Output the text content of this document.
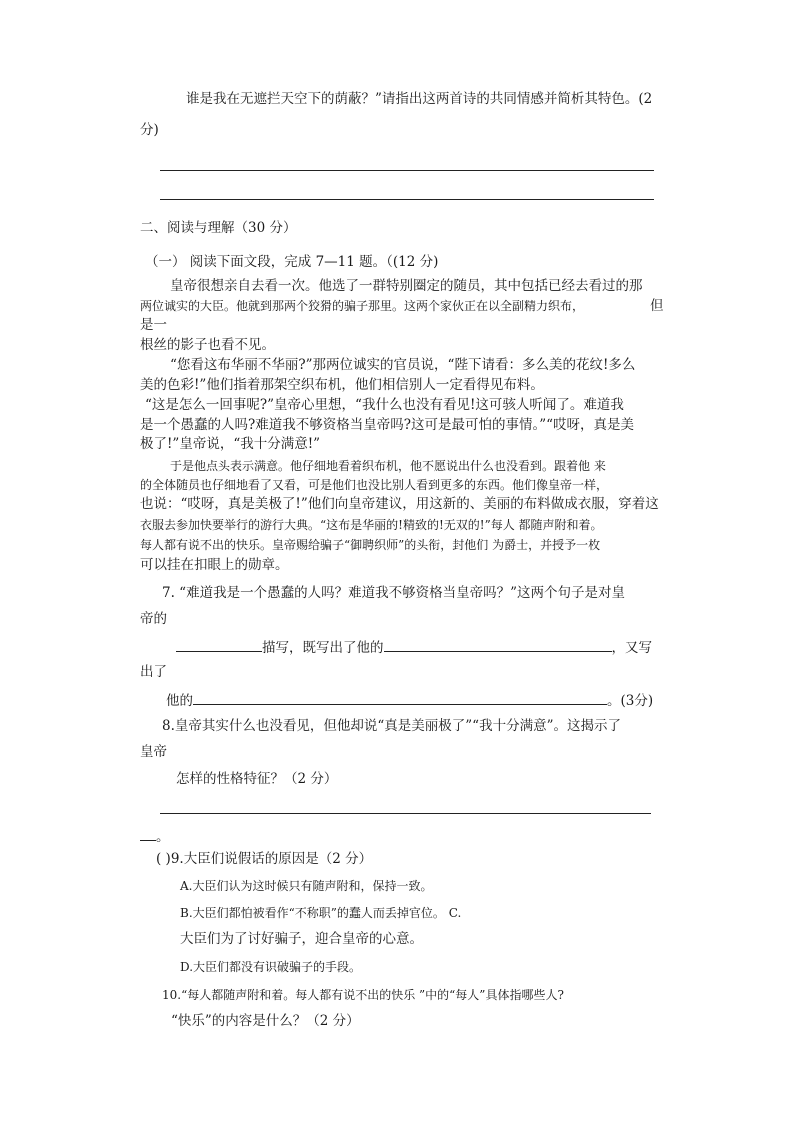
谁是我在无遮拦天空下的荫蔽？”请指出这两首诗的共同情感并简析其特色。(2
分)
二、阅读与理解（30 分）
（一） 阅读下面文段，完成 7—11 题。（(12 分)
皇帝很想亲自去看一次。他选了一群特别圈定的随员，其中包括已经去看过的那
两位诚实的大臣。他就到那两个狡猾的骗子那里。这两个家伙正在以全副精力织布，	但
是一
根丝的影子也看不见。
“您看这布华丽不华丽?”那两位诚实的官员说，“陛下请看：多么美的花纹!多么
美的色彩!”他们指着那架空织布机，他们相信别人一定看得见布料。
“这是怎么一回事呢?”皇帝心里想，“我什么也没有看见!这可骇人听闻了。难道我
是一个愚蠢的人吗?难道我不够资格当皇帝吗?这可是最可怕的事情。”“哎呀，真是美
极了!”皇帝说，“我十分满意!”
于是他点头表示满意。他仔细地看着织布机，他不愿说出什么也没看到。跟着他 来
的全体随员也仔细地看了又看，可是他们也没比别人看到更多的东西。他们像皇帝一样，
也说：“哎呀，真是美极了!”他们向皇帝建议，用这新的、美丽的布料做成衣服，穿着这
衣服去参加快要举行的游行大典。“这布是华丽的!精致的!无双的!”每人 都随声附和着。
每人都有说不出的快乐。皇帝赐给骗子“御聘织师”的头衔，封他们 为爵士，并授予一枚
可以挂在扣眼上的勋章。
7. “难道我是一个愚蠢的人吗？难道我不够资格当皇帝吗？”这两个句子是对皇
帝的
描写，既写出了他的	，又写
出了
他的	。(3分)
8.皇帝其实什么也没看见，但他却说“真是美丽极了”“我十分满意”。这揭示了
皇帝
怎样的性格特征？（2 分）
。
( )9.大臣们说假话的原因是（2 分）
A.大臣们认为这时候只有随声附和，保持一致。
B.大臣们都怕被看作“不称职”的蠢人而丢掉官位。 C.
大臣们为了讨好骗子，迎合皇帝的心意。
D.大臣们都没有识破骗子的手段。
10.“每人都随声附和着。每人都有说不出的快乐 ”中的“每人”具体指哪些人?
“快乐”的内容是什么？（2 分）
